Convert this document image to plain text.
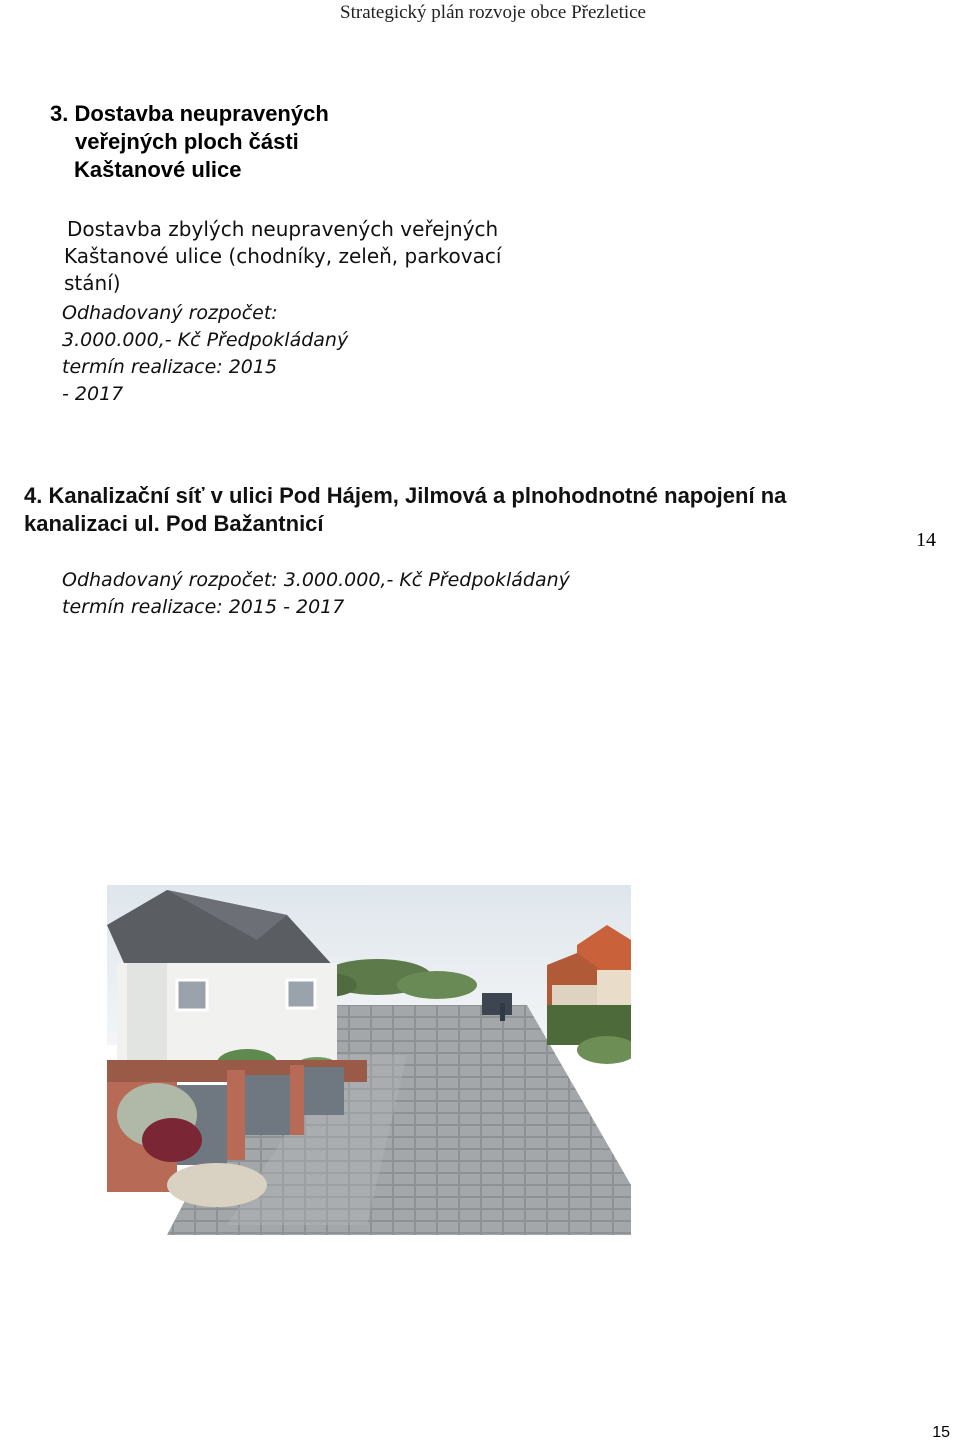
Strategický plán rozvoje obce Přezletice
3. Dostavba neupravených
veřejných ploch části
Kaštanové ulice
Dostavba zbylých neupravených veřejných
Kaštanové ulice (chodníky, zeleň, parkovací
stání)
Odhadovaný rozpočet:
3.000.000,- Kč Předpokládaný
termín realizace: 2015
- 2017
4. Kanalizační síť v ulici Pod Hájem, Jilmová a plnohodnotné napojení na
kanalizaci ul. Pod Bažantnicí
14
Odhadovaný rozpočet: 3.000.000,- Kč Předpokládaný
termín realizace: 2015 - 2017
15
